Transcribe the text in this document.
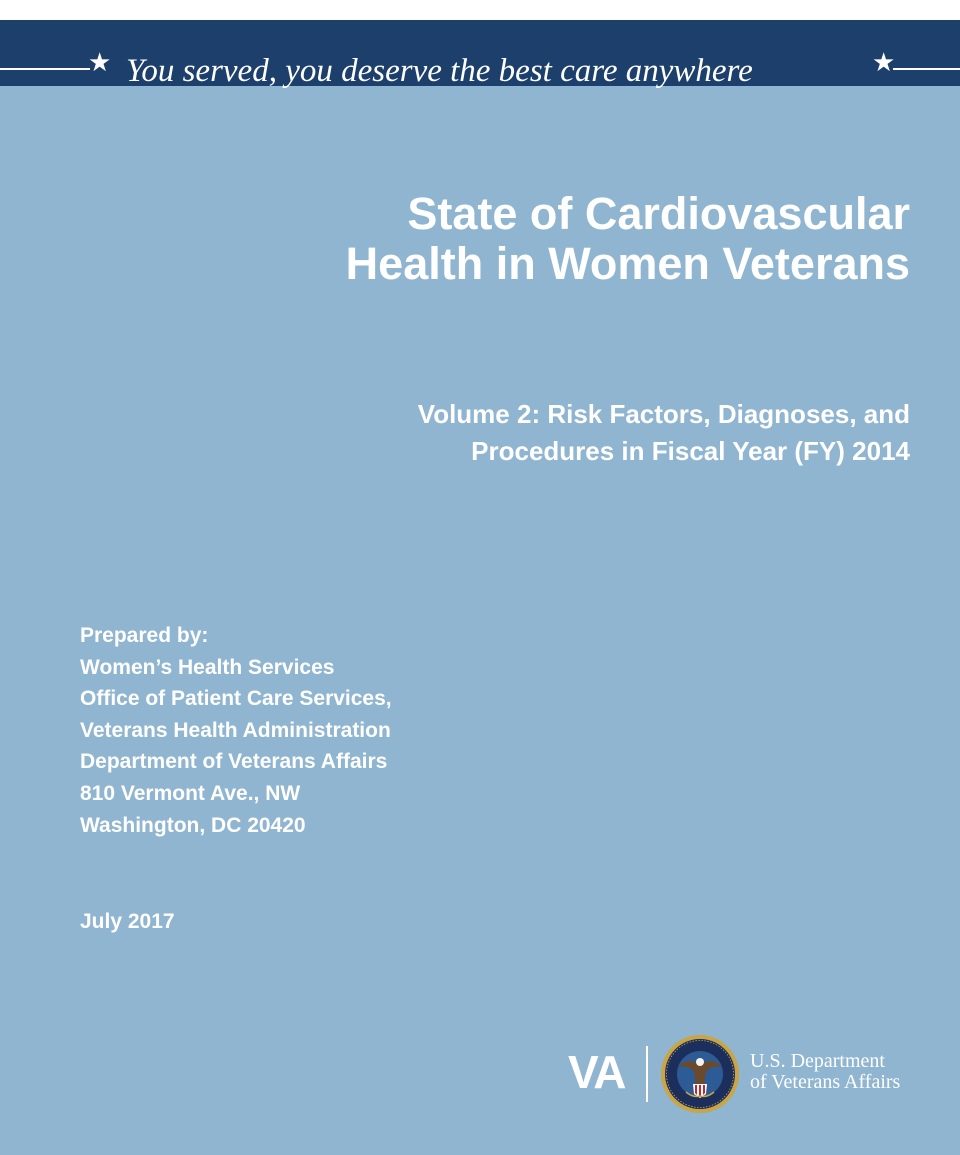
★ You served, you deserve the best care anywhere	★
State of Cardiovascular
Health in Women Veterans
Volume 2: Risk Factors, Diagnoses, and
Procedures in Fiscal Year (FY) 2014
Prepared by:
Women’s Health Services
Office of Patient Care Services,
Veterans Health Administration
Department of Veterans Affairs
810 Vermont Ave., NW
Washington, DC 20420
July 2017
VA	U.S. Department
of Veterans Affairs
